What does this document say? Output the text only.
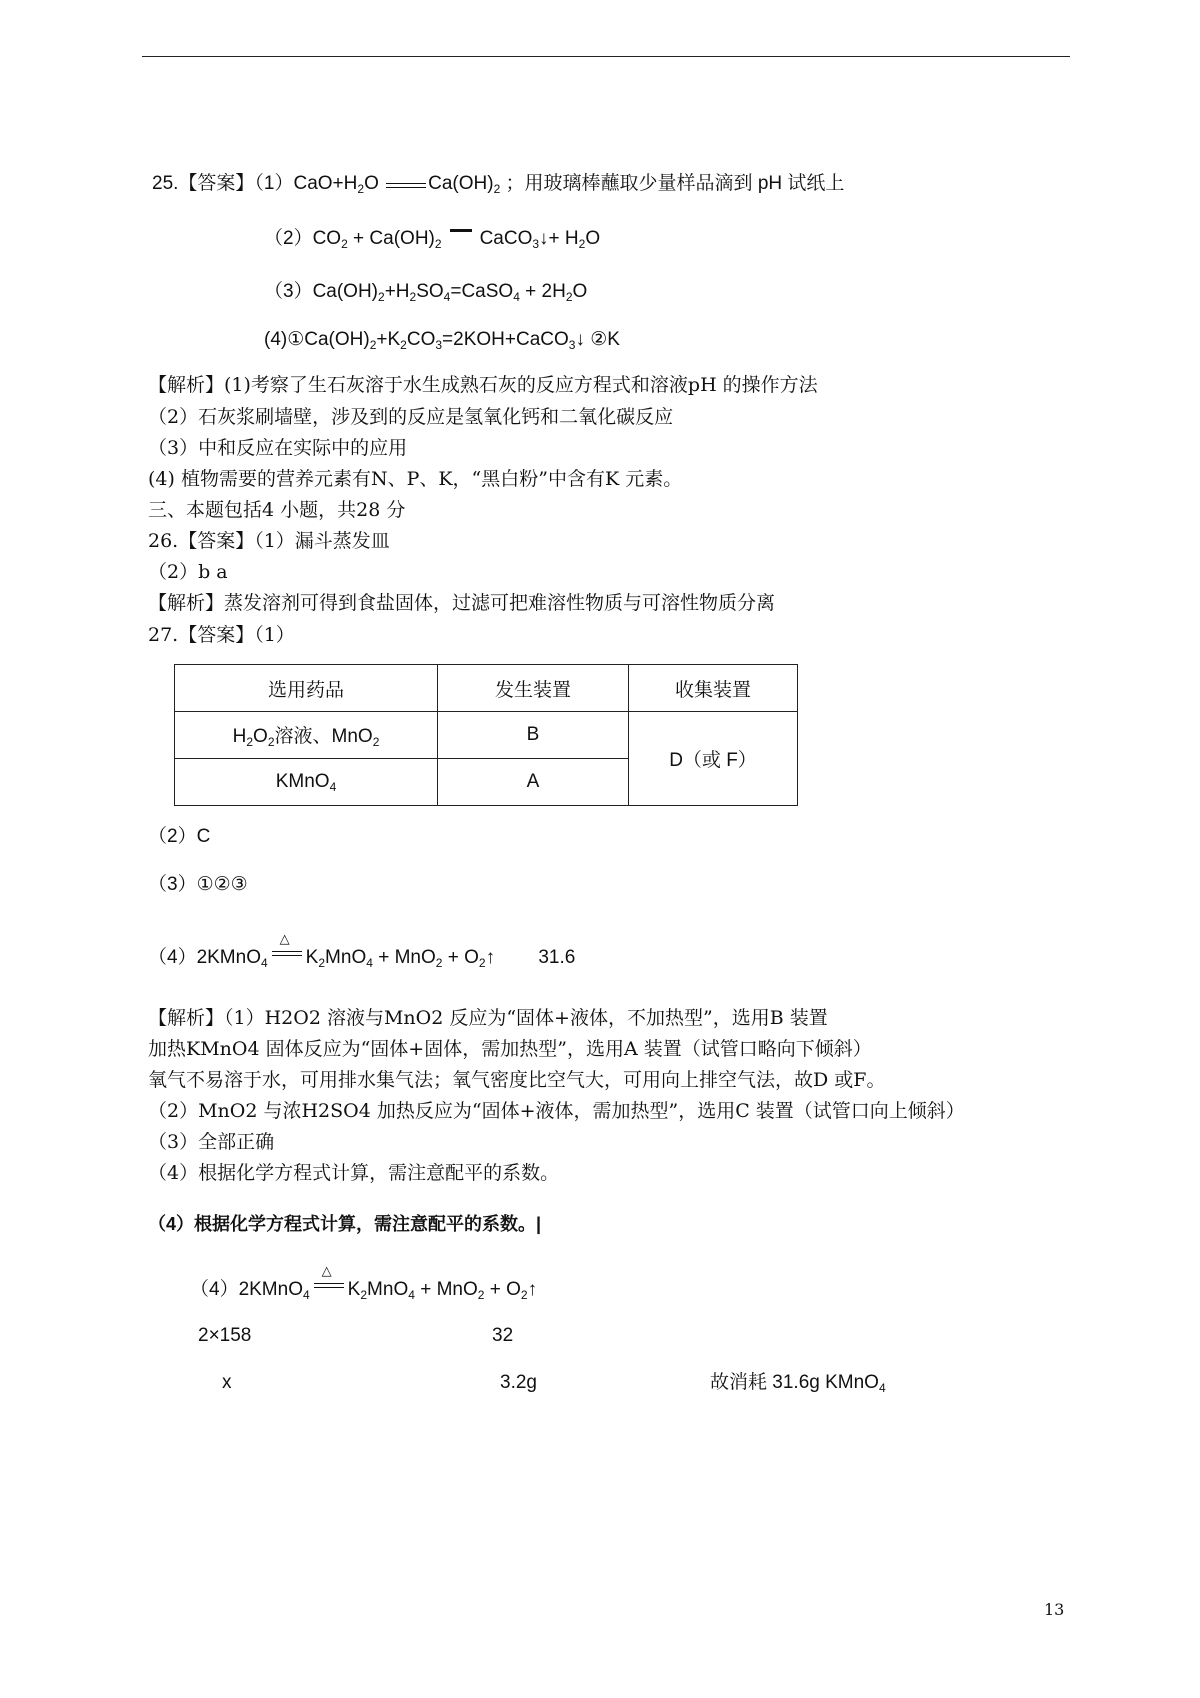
25.【答案】$(1)CaO+H_2O$ $Ca(OH)_2$ ；用玻璃棒蘸取少量样品滴到 pH 试纸上
$(2)CO_2 + Ca(OH)_2$ CaCO$_3$↓+ $H_2O$
$(3)Ca(OH)_2+H_2SO_4=CaSO_4 + 2H_2O$
$(4)①Ca(OH)_2+K_2CO_3=2KOH+CaCO_3↓$ ②K
【解析】(1)考察了生石灰溶于水生成熟石灰的反应方程式和溶液pH 的操作方法
（2）石灰浆刷墙壁，涉及到的反应是氢氧化钙和二氧化碳反应
（3）中和反应在实际中的应用
(4) 植物需要的营养元素有N、P、K，“黑白粉”中含有K 元素。
三、本题包括4 小题，共28 分
26.【答案】（1）漏斗蒸发皿
（2）b a
【解析】蒸发溶剂可得到食盐固体，过滤可把难溶性物质与可溶性物质分离
27.【答案】（1）
选用药品	发生装置	收集装置
$H_2O_2$溶液、MnO$_2$	B	D（或 F）
KMnO$_4$	A	
（2）C
（3）①②③
（4）2KMnO$_4$
△
$K_2MnO_4 + MnO_2$ + $O_2↑$ 31.6
【解析】（1）H2O2 溶液与MnO2 反应为“固体+液体，不加热型”，选用B 装置
加热KMnO4 固体反应为“固体+固体，需加热型”，选用A 装置（试管口略向下倾斜）
氧气不易溶于水，可用排水集气法；氧气密度比空气大，可用向上排空气法，故D 或F。
（2）MnO2 与浓H2SO4 加热反应为“固体+液体，需加热型”，选用C 装置（试管口向上倾斜）
（3）全部正确
（4）根据化学方程式计算，需注意配平的系数。
（4）根据化学方程式计算，需注意配平的系数。|
（4）2KMnO$_4$
△
$K_2MnO_4 + MnO_2$ + $O_2↑$
2×158	32
x	3.2g	故消耗 31.6g KMnO$_4$
13
